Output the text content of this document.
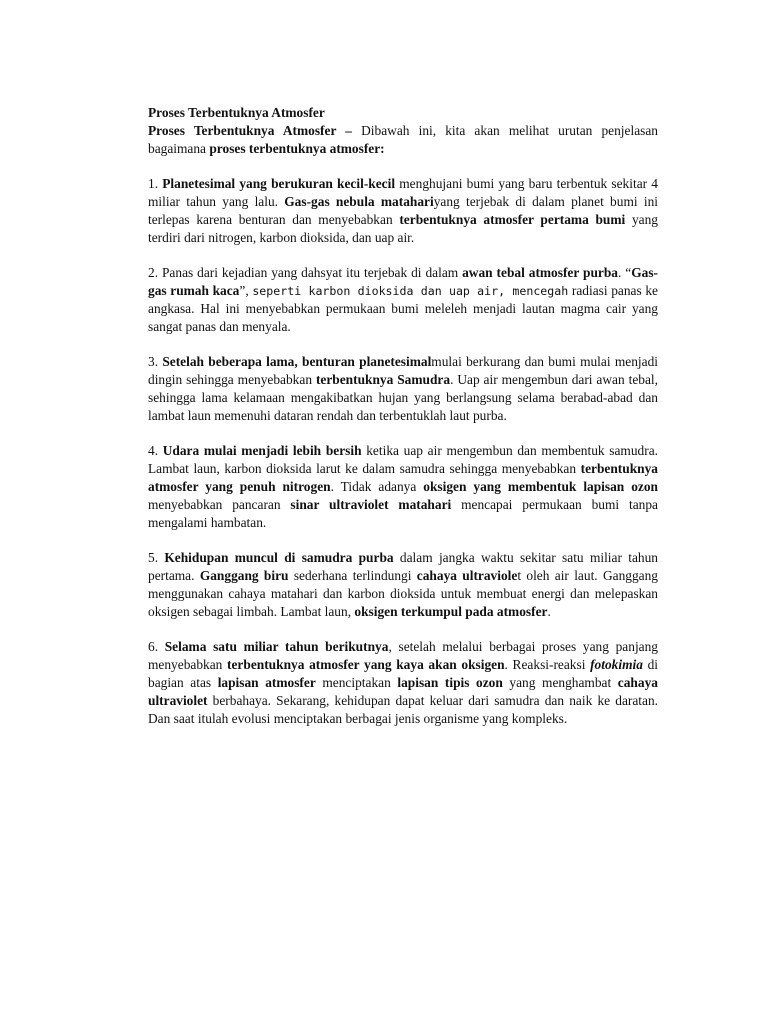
Proses Terbentuknya Atmosfer

Proses Terbentuknya Atmosfer – Dibawah ini, kita akan melihat urutan penjelasan bagaimana proses terbentuknya atmosfer:

1. Planetesimal yang berukuran kecil-kecil menghujani bumi yang baru terbentuk sekitar 4 miliar tahun yang lalu. Gas-gas nebula matahariyang terjebak di dalam planet bumi ini terlepas karena benturan dan menyebabkan terbentuknya atmosfer pertama bumi yang terdiri dari nitrogen, karbon dioksida, dan uap air.

2. Panas dari kejadian yang dahsyat itu terjebak di dalam awan tebal atmosfer purba. “Gas-gas rumah kaca”, seperti karbon dioksida dan uap air, mencegah radiasi panas ke angkasa. Hal ini menyebabkan permukaan bumi meleleh menjadi lautan magma cair yang sangat panas dan menyala.

3. Setelah beberapa lama, benturan planetesimalmulai berkurang dan bumi mulai menjadi dingin sehingga menyebabkan terbentuknya Samudra. Uap air mengembun dari awan tebal, sehingga lama kelamaan mengakibatkan hujan yang berlangsung selama berabad-abad dan lambat laun memenuhi dataran rendah dan terbentuklah laut purba.

4. Udara mulai menjadi lebih bersih ketika uap air mengembun dan membentuk samudra. Lambat laun, karbon dioksida larut ke dalam samudra sehingga menyebabkan terbentuknya atmosfer yang penuh nitrogen. Tidak adanya oksigen yang membentuk lapisan ozon menyebabkan pancaran sinar ultraviolet matahari mencapai permukaan bumi tanpa mengalami hambatan.

5. Kehidupan muncul di samudra purba dalam jangka waktu sekitar satu miliar tahun pertama. Ganggang biru sederhana terlindungi cahaya ultraviolet oleh air laut. Ganggang menggunakan cahaya matahari dan karbon dioksida untuk membuat energi dan melepaskan oksigen sebagai limbah. Lambat laun, oksigen terkumpul pada atmosfer.

6. Selama satu miliar tahun berikutnya, setelah melalui berbagai proses yang panjang menyebabkan terbentuknya atmosfer yang kaya akan oksigen. Reaksi-reaksi fotokimia di bagian atas lapisan atmosfer menciptakan lapisan tipis ozon yang menghambat cahaya ultraviolet berbahaya. Sekarang, kehidupan dapat keluar dari samudra dan naik ke daratan. Dan saat itulah evolusi menciptakan berbagai jenis organisme yang kompleks.
